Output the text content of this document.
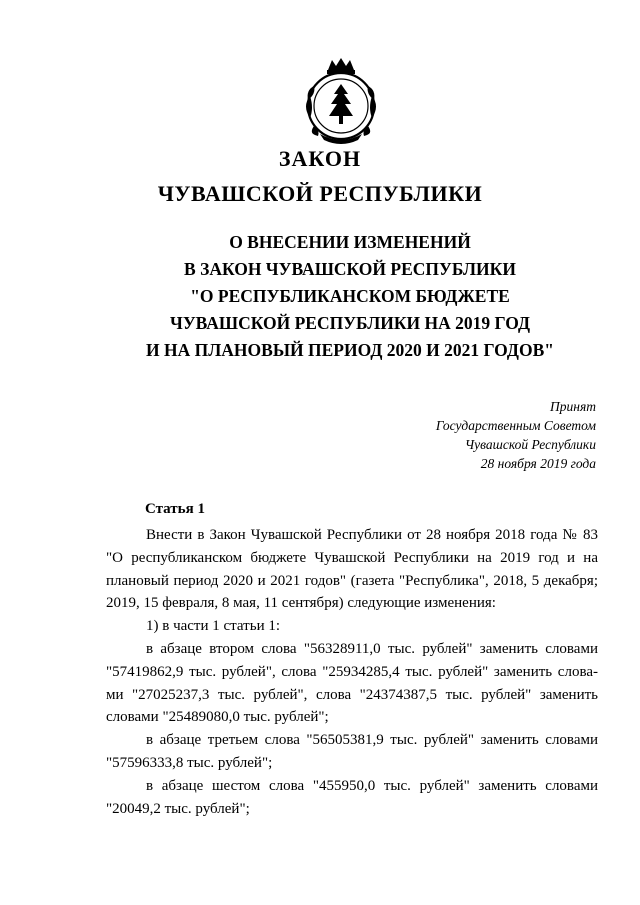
ЗАКОН
ЧУВАШСКОЙ РЕСПУБЛИКИ
О ВНЕСЕНИИ ИЗМЕНЕНИЙ
В ЗАКОН ЧУВАШСКОЙ РЕСПУБЛИКИ
"О РЕСПУБЛИКАНСКОМ БЮДЖЕТЕ
ЧУВАШСКОЙ РЕСПУБЛИКИ НА 2019 ГОД
И НА ПЛАНОВЫЙ ПЕРИОД 2020 И 2021 ГОДОВ"
Принят
Государственным Советом
Чувашской Республики
28 ноября 2019 года
Статья 1
Внести в Закон Чувашской Республики от 28 ноября 2018 года № 83
"О республиканском бюджете Чувашской Республики на 2019 год и на
плановый период 2020 и 2021 годов" (газета "Республика", 2018, 5 декабря;
2019, 15 февраля, 8 мая, 11 сентября) следующие изменения:
1) в части 1 статьи 1:
в абзаце втором слова "56328911,0 тыс. рублей" заменить словами
"57419862,9 тыс. рублей", слова "25934285,4 тыс. рублей" заменить слова-
ми "27025237,3 тыс. рублей", слова "24374387,5 тыс. рублей" заменить
словами "25489080,0 тыс. рублей";
в абзаце третьем слова "56505381,9 тыс. рублей" заменить словами
"57596333,8 тыс. рублей";
в абзаце шестом слова "455950,0 тыс. рублей" заменить словами
"20049,2 тыс. рублей";
